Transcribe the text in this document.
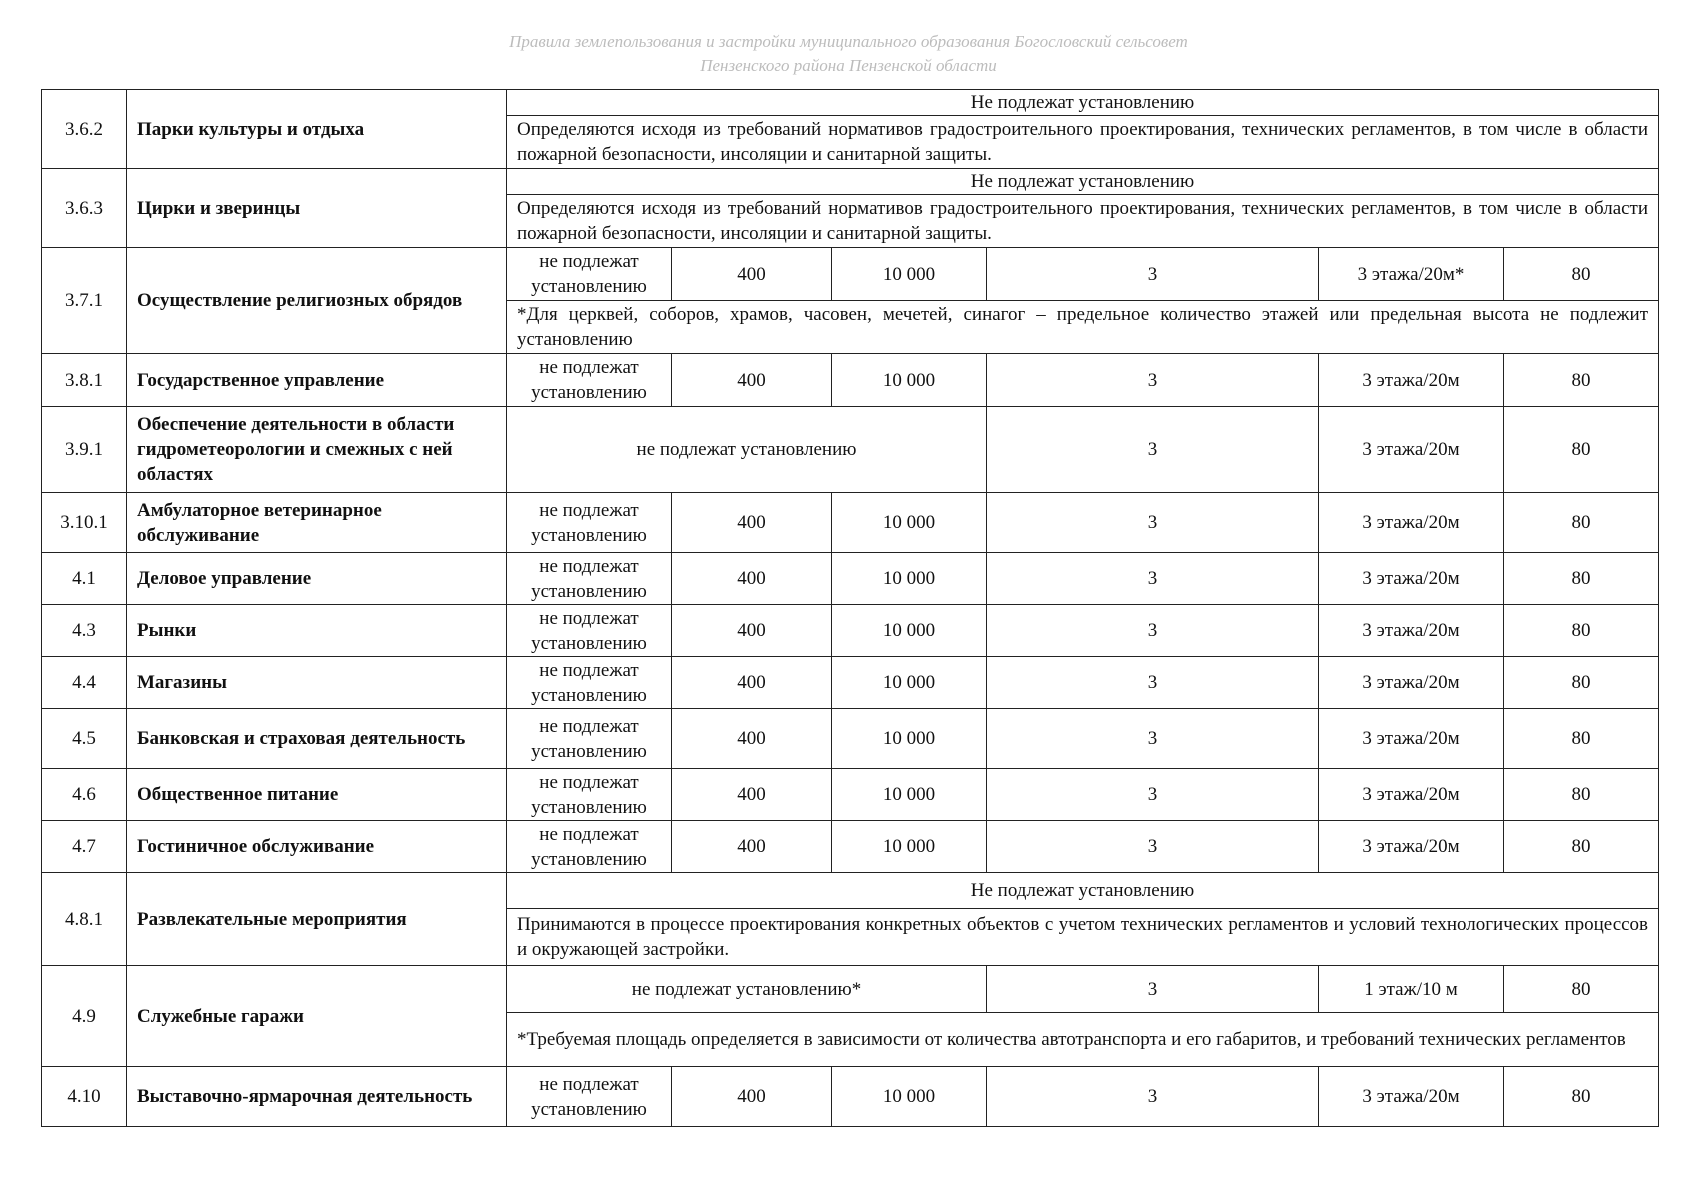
Правила землепользования и застройки муниципального образования Богословский сельсовет
Пензенского района Пензенской области
3.6.2	Парки культуры и отдыха	Не подлежат установлению					
		Определяются исходя из требований нормативов градостроительного проектирования, технических регламентов, в том числе в области пожарной безопасности, инсоляции и санитарной защиты.					
3.6.3	Цирки и зверинцы	Не подлежат установлению					
		Определяются исходя из требований нормативов градостроительного проектирования, технических регламентов, в том числе в области пожарной безопасности, инсоляции и санитарной защиты.					
3.7.1	Осуществление религиозных обрядов	не подлежат установлению	400	10 000	3	3 этажа/20м*	80
		*Для церквей, соборов, храмов, часовен, мечетей, синагог – предельное количество этажей или предельная высота не подлежит установлению					
3.8.1	Государственное управление	не подлежат установлению	400	10 000	3	3 этажа/20м	80
3.9.1	Обеспечение деятельности в области гидрометеорологии и смежных с ней областях	не подлежат установлению			3	3 этажа/20м	80
3.10.1	Амбулаторное ветеринарное обслуживание	не подлежат установлению	400	10 000	3	3 этажа/20м	80
4.1	Деловое управление	не подлежат установлению	400	10 000	3	3 этажа/20м	80
4.3	Рынки	не подлежат установлению	400	10 000	3	3 этажа/20м	80
4.4	Магазины	не подлежат установлению	400	10 000	3	3 этажа/20м	80
4.5	Банковская и страховая деятельность	не подлежат установлению	400	10 000	3	3 этажа/20м	80
4.6	Общественное питание	не подлежат установлению	400	10 000	3	3 этажа/20м	80
4.7	Гостиничное обслуживание	не подлежат установлению	400	10 000	3	3 этажа/20м	80
4.8.1	Развлекательные мероприятия	Не подлежат установлению					
		Принимаются в процессе проектирования конкретных объектов с учетом технических регламентов и условий технологических процессов и окружающей застройки.					
4.9	Служебные гаражи	не подлежат установлению*			3	1 этаж/10 м	80
		*Требуемая площадь определяется в зависимости от количества автотранспорта и его габаритов, и требований технических регламентов					
4.10	Выставочно-ярмарочная деятельность	не подлежат установлению	400	10 000	3	3 этажа/20м	80
